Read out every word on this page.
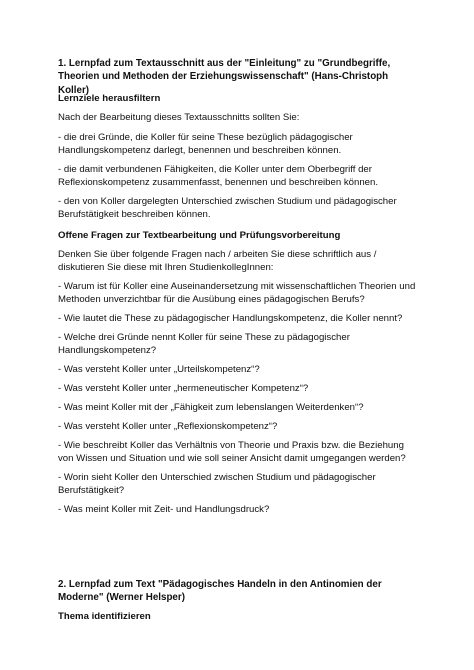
1. Lernpfad zum Textausschnitt aus der "Einleitung" zu "Grundbegriffe, Theorien und Methoden der Erziehungswissenschaft" (Hans-Christoph Koller)

Lernziele herausfiltern

Nach der Bearbeitung dieses Textausschnitts sollten Sie:

- die drei Gründe, die Koller für seine These bezüglich pädagogischer Handlungskompetenz darlegt, benennen und beschreiben können.

- die damit verbundenen Fähigkeiten, die Koller unter dem Oberbegriff der Reflexionskompetenz zusammenfasst, benennen und beschreiben können.

- den von Koller dargelegten Unterschied zwischen Studium und pädagogischer Berufstätigkeit beschreiben können.

Offene Fragen zur Textbearbeitung und Prüfungsvorbereitung

Denken Sie über folgende Fragen nach / arbeiten Sie diese schriftlich aus / diskutieren Sie diese mit Ihren StudienkollegInnen:

- Warum ist für Koller eine Auseinandersetzung mit wissenschaftlichen Theorien und Methoden unverzichtbar für die Ausübung eines pädagogischen Berufs?

- Wie lautet die These zu pädagogischer Handlungskompetenz, die Koller nennt?

- Welche drei Gründe nennt Koller für seine These zu pädagogischer Handlungskompetenz?

- Was versteht Koller unter „Urteilskompetenz“?

- Was versteht Koller unter „hermeneutischer Kompetenz“?

- Was meint Koller mit der „Fähigkeit zum lebenslangen Weiterdenken“?

- Was versteht Koller unter „Reflexionskompetenz“?

- Wie beschreibt Koller das Verhältnis von Theorie und Praxis bzw. die Beziehung von Wissen und Situation und wie soll seiner Ansicht damit umgegangen werden?

- Worin sieht Koller den Unterschied zwischen Studium und pädagogischer Berufstätigkeit?

- Was meint Koller mit Zeit- und Handlungsdruck?

2. Lernpfad zum Text "Pädagogisches Handeln in den Antinomien der Moderne" (Werner Helsper)

Thema identifizieren
